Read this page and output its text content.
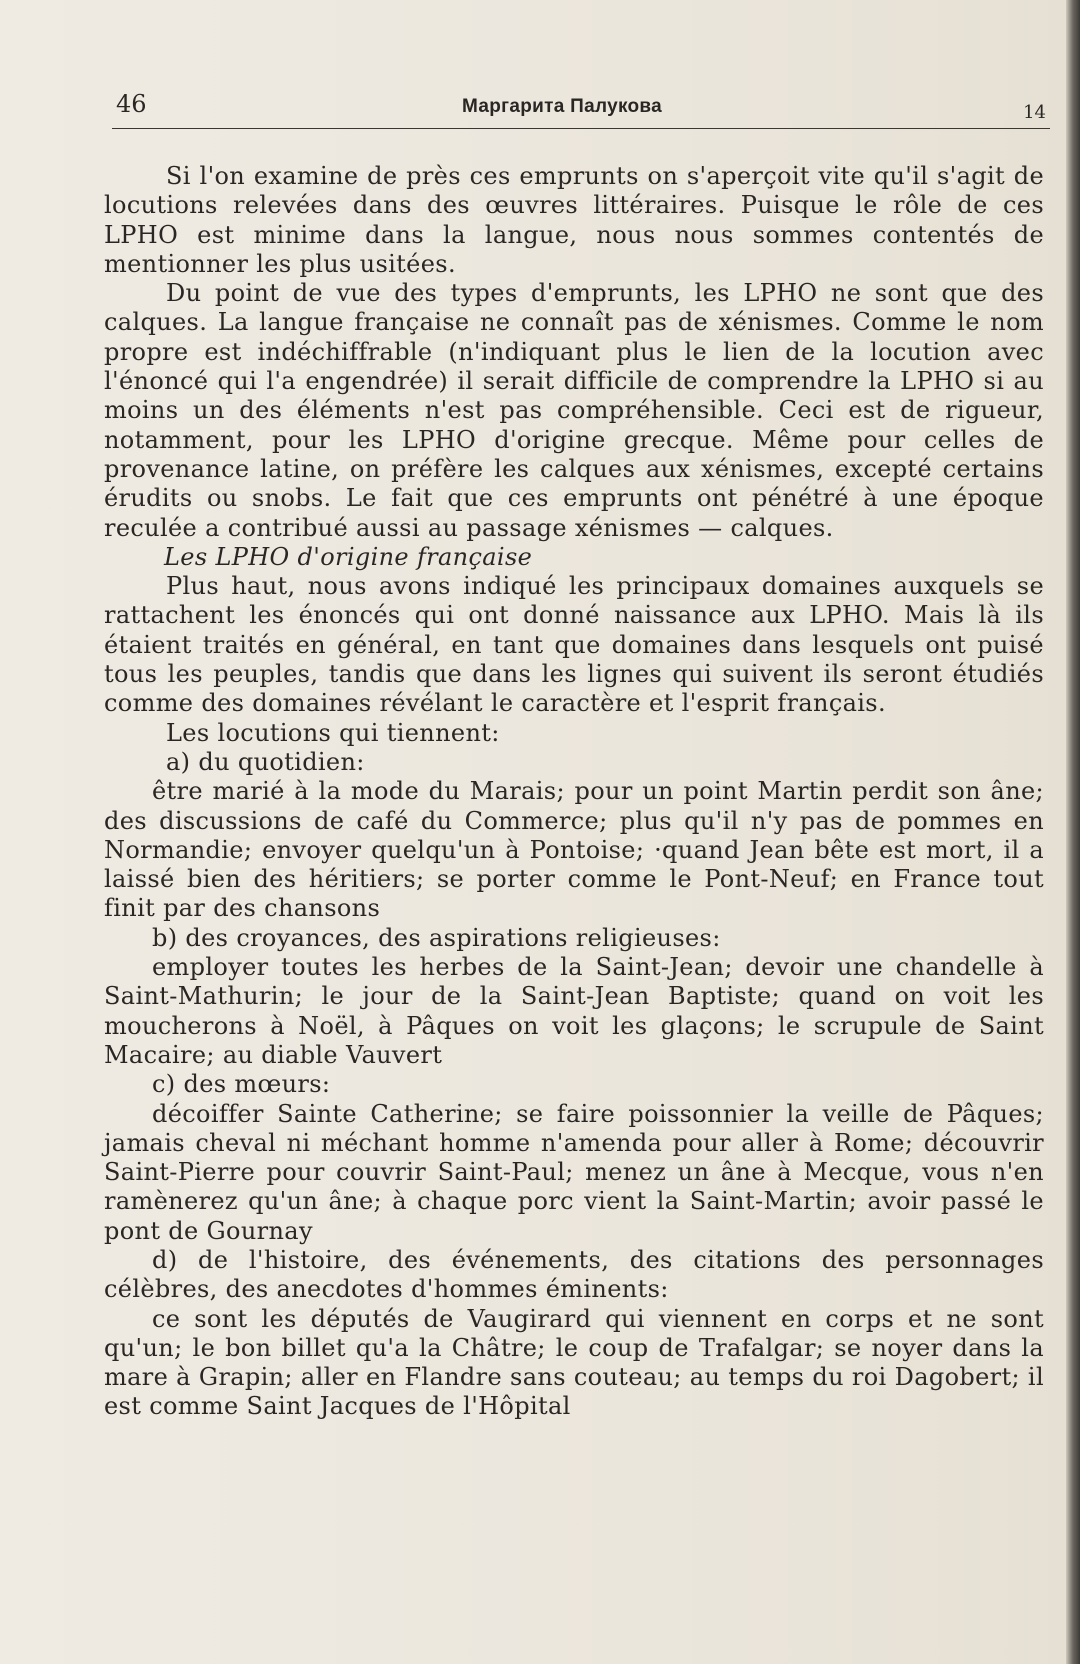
46	Маргарита Палукова	14

Si l'on examine de près ces emprunts on s'aperçoit vite qu'il s'agit de locutions relevées dans des œuvres littéraires. Puisque le rôle de ces LPHO est minime dans la langue, nous nous sommes contentés de mentionner les plus usitées.

Du point de vue des types d'emprunts, les LPHO ne sont que des calques. La langue française ne connaît pas de xénismes. Comme le nom propre est indéchiffrable (n'indiquant plus le lien de la locution avec l'énoncé qui l'a engendrée) il serait difficile de comprendre la LPHO si au moins un des éléments n'est pas compréhensible. Ceci est de rigueur, notamment, pour les LPHO d'origine grecque. Même pour celles de provenance latine, on préfère les calques aux xénismes, excepté certains érudits ou snobs. Le fait que ces emprunts ont pénétré à une époque reculée a contribué aussi au passage xénismes — calques.

Les LPHO d'origine française

Plus haut, nous avons indiqué les principaux domaines auxquels se rattachent les énoncés qui ont donné naissance aux LPHO. Mais là ils étaient traités en général, en tant que domaines dans lesquels ont puisé tous les peuples, tandis que dans les lignes qui suivent ils seront étudiés comme des domaines révélant le caractère et l'esprit français.

Les locutions qui tiennent:

a) du quotidien:

être marié à la mode du Marais; pour un point Martin perdit son âne; des discussions de café du Commerce; plus qu'il n'y pas de pommes en Normandie; envoyer quelqu'un à Pontoise; ·quand Jean bête est mort, il a laissé bien des héritiers; se porter comme le Pont-Neuf; en France tout finit par des chansons

b) des croyances, des aspirations religieuses:

employer toutes les herbes de la Saint-Jean; devoir une chandelle à Saint-Mathurin; le jour de la Saint-Jean Baptiste; quand on voit les moucherons à Noël, à Pâques on voit les glaçons; le scrupule de Saint Macaire; au diable Vauvert

c) des mœurs:

décoiffer Sainte Catherine; se faire poissonnier la veille de Pâques; jamais cheval ni méchant homme n'amenda pour aller à Rome; découvrir Saint-Pierre pour couvrir Saint-Paul; menez un âne à Mecque, vous n'en ramènerez qu'un âne; à chaque porc vient la Saint-Martin; avoir passé le pont de Gournay

d) de l'histoire, des événements, des citations des personnages célèbres, des anecdotes d'hommes éminents:

ce sont les députés de Vaugirard qui viennent en corps et ne sont qu'un; le bon billet qu'a la Châtre; le coup de Trafalgar; se noyer dans la mare à Grapin; aller en Flandre sans couteau; au temps du roi Dagobert; il est comme Saint Jacques de l'Hôpital
